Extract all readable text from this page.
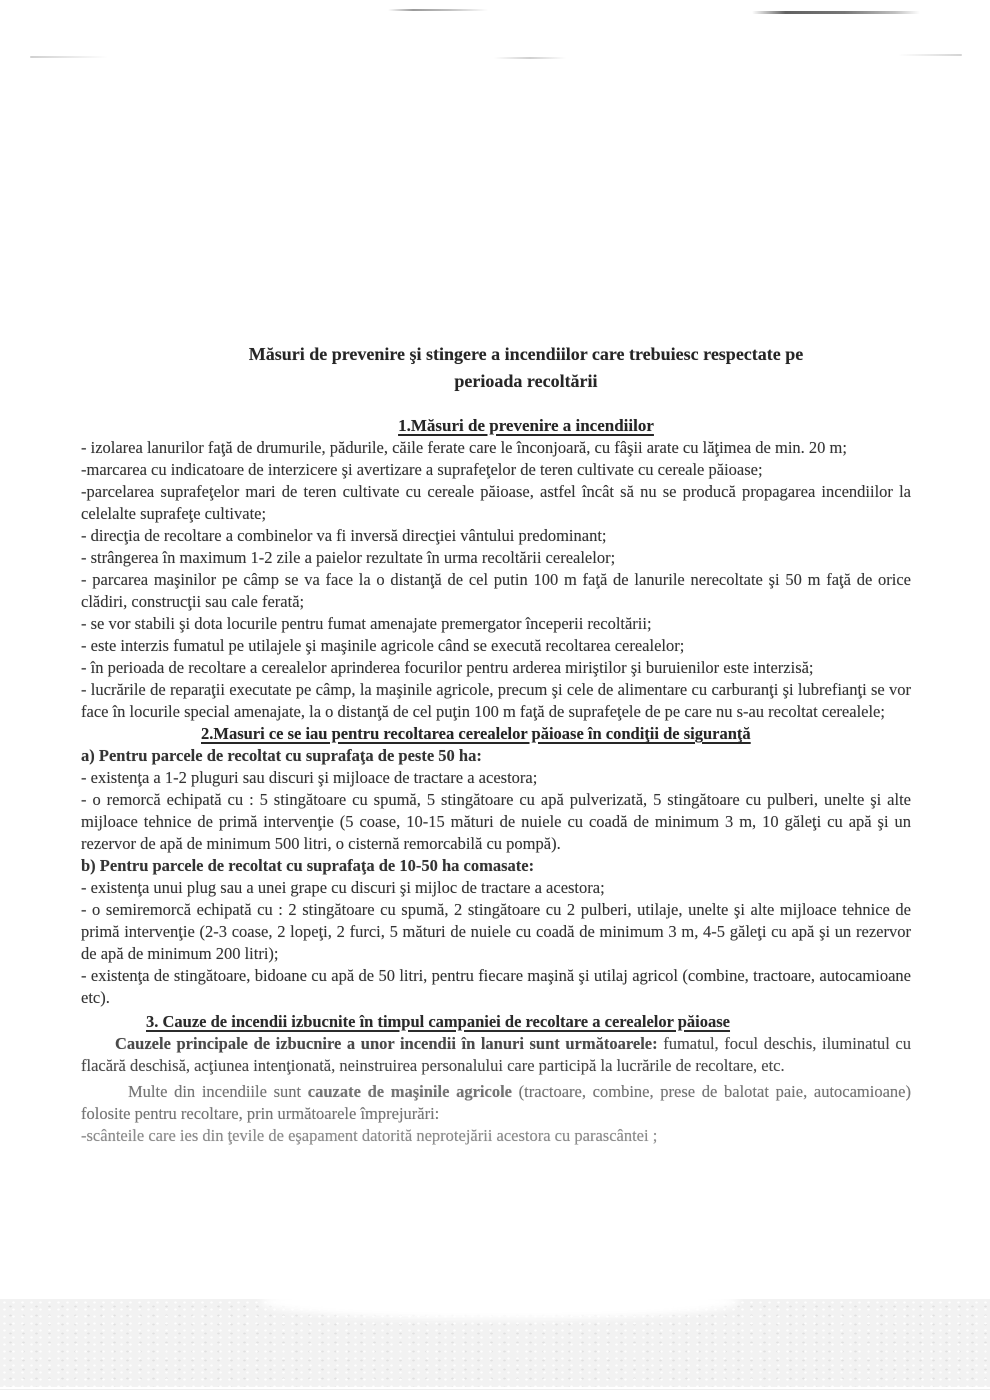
Măsuri de prevenire şi stingere a incendiilor care trebuiesc respectate pe
perioada recoltării
1.Măsuri de prevenire a incendiilor

- izolarea lanurilor faţă de drumurile, pădurile, căile ferate care le înconjoară, cu fâşii arate cu lăţimea de min. 20 m;

-marcarea cu indicatoare de interzicere şi avertizare a suprafeţelor de teren cultivate cu cereale păioase;

-parcelarea suprafeţelor mari de teren cultivate cu cereale păioase, astfel încât să nu se producă propagarea incendiilor la celelalte suprafeţe cultivate;

- direcţia de recoltare a combinelor va fi inversă direcţiei vântului predominant;

- strângerea în maximum 1-2 zile a paielor rezultate în urma recoltării cerealelor;

- parcarea maşinilor pe câmp se va face la o distanţă de cel putin 100 m faţă de lanurile nerecoltate şi 50 m faţă de orice clădiri, construcţii sau cale ferată;

- se vor stabili şi dota locurile pentru fumat amenajate premergator începerii recoltării;

- este interzis fumatul pe utilajele şi maşinile agricole când se execută recoltarea cerealelor;

- în perioada de recoltare a cerealelor aprinderea focurilor pentru arderea miriştilor şi buruienilor este interzisă;

- lucrările de reparaţii executate pe câmp, la maşinile agricole, precum şi cele de alimentare cu carburanţi şi lubrefianţi se vor face în locurile special amenajate, la o distanţă de cel puţin 100 m faţă de suprafeţele de pe care nu s-au recoltat cerealele;

2.Masuri ce se iau pentru recoltarea cerealelor păioase în condiţii de siguranţă

a) Pentru parcele de recoltat cu suprafaţa de peste 50 ha:

- existenţa a 1-2 pluguri sau discuri şi mijloace de tractare a acestora;

- o remorcă echipată cu : 5 stingătoare cu spumă, 5 stingătoare cu apă pulverizată, 5 stingătoare cu pulberi, unelte şi alte mijloace tehnice de primă intervenţie (5 coase, 10-15 mături de nuiele cu coadă de minimum 3 m, 10 găleţi cu apă şi un rezervor de apă de minimum 500 litri, o cisternă remorcabilă cu pompă).

b) Pentru parcele de recoltat cu suprafaţa de 10-50 ha comasate:

- existenţa unui plug sau a unei grape cu discuri şi mijloc de tractare a acestora;

- o semiremorcă echipată cu : 2 stingătoare cu spumă, 2 stingătoare cu 2 pulberi, utilaje, unelte şi alte mijloace tehnice de primă intervenţie (2-3 coase, 2 lopeţi, 2 furci, 5 mături de nuiele cu coadă de minimum 3 m, 4-5 găleţi cu apă şi un rezervor de apă de minimum 200 litri);

- existenţa de stingătoare, bidoane cu apă de 50 litri, pentru fiecare maşină şi utilaj agricol (combine, tractoare, autocamioane etc).

3. Cauze de incendii izbucnite în timpul campaniei de recoltare a cerealelor păioase

Cauzele principale de izbucnire a unor incendii în lanuri sunt următoarele: fumatul, focul deschis, iluminatul cu flacără deschisă, acţiunea intenţionată, neinstruirea personalului care participă la lucrările de recoltare, etc.

Multe din incendiile sunt cauzate de maşinile agricole (tractoare, combine, prese de balotat paie, autocamioane) folosite pentru recoltare, prin următoarele împrejurări:

-scânteile care ies din ţevile de eşapament datorită neprotejării acestora cu parascântei ;
